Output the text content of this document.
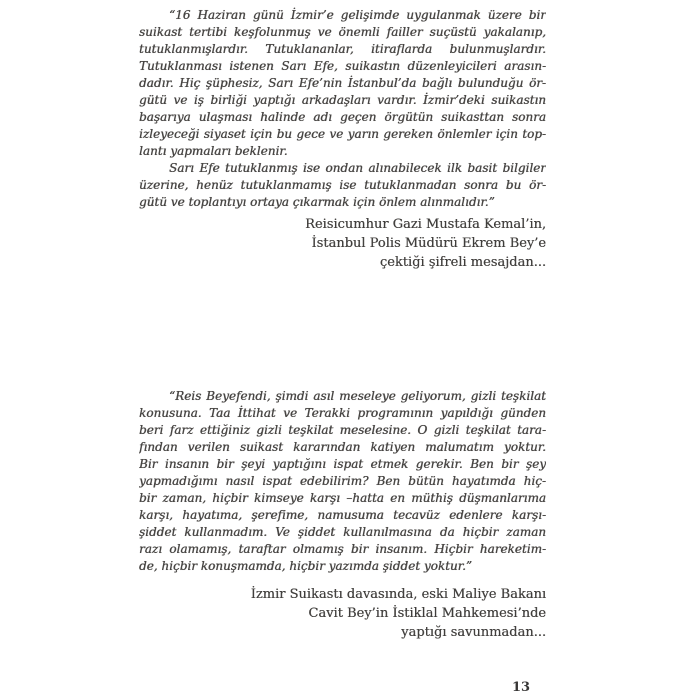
“16 Haziran günü İzmir’e gelişimde uygulanmak üzere bir
suikast tertibi keşfolunmuş ve önemli failler suçüstü yakalanıp,
tutuklanmışlardır. Tutuklananlar, itiraflarda bulunmuşlardır.
Tutuklanması istenen Sarı Efe, suikastın düzenleyicileri arasın-
dadır. Hiç şüphesiz, Sarı Efe’nin İstanbul’da bağlı bulunduğu ör-
gütü ve iş birliği yaptığı arkadaşları vardır. İzmir’deki suikastın
başarıya ulaşması halinde adı geçen örgütün suikasttan sonra
izleyeceği siyaset için bu gece ve yarın gereken önlemler için top-
lantı yapmaları beklenir.
Sarı Efe tutuklanmış ise ondan alınabilecek ilk basit bilgiler
üzerine, henüz tutuklanmamış ise tutuklanmadan sonra bu ör-
gütü ve toplantıyı ortaya çıkarmak için önlem alınmalıdır.”
Reisicumhur Gazi Mustafa Kemal’in,
İstanbul Polis Müdürü Ekrem Bey’e
çektiği şifreli mesajdan...
“Reis Beyefendi, şimdi asıl meseleye geliyorum, gizli teşkilat
konusuna. Taa İttihat ve Terakki programının yapıldığı günden
beri farz ettiğiniz gizli teşkilat meselesine. O gizli teşkilat tara-
fından verilen suikast kararından katiyen malumatım yoktur.
Bir insanın bir şeyi yaptığını ispat etmek gerekir. Ben bir şey
yapmadığımı nasıl ispat edebilirim? Ben bütün hayatımda hiç-
bir zaman, hiçbir kimseye karşı –hatta en müthiş düşmanlarıma
karşı, hayatıma, şerefime, namusuma tecavüz edenlere karşı-
şiddet kullanmadım. Ve şiddet kullanılmasına da hiçbir zaman
razı olamamış, taraftar olmamış bir insanım. Hiçbir hareketim-
de, hiçbir konuşmamda, hiçbir yazımda şiddet yoktur.”
İzmir Suikastı davasında, eski Maliye Bakanı
Cavit Bey’in İstiklal Mahkemesi’nde
yaptığı savunmadan...
13
